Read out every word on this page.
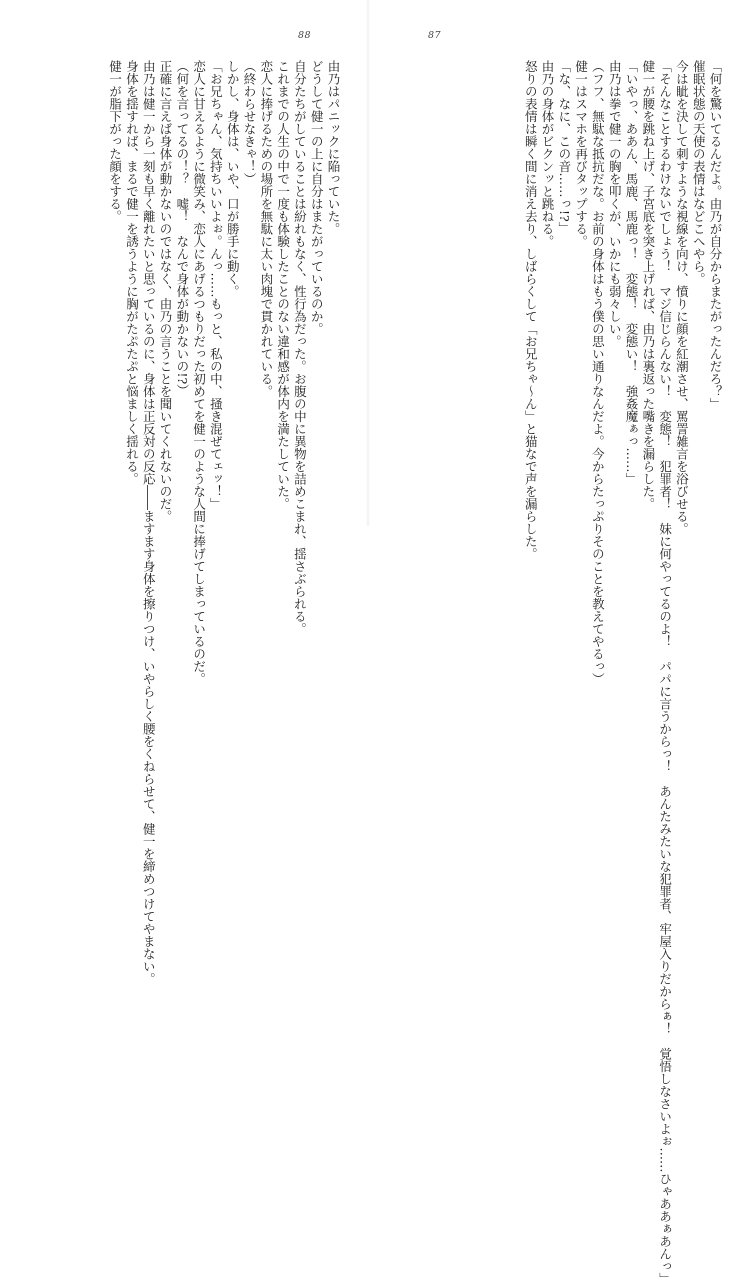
88
由乃はパニックに陥っていた。
どうして健一の上に自分はまたがっているのか。
自分たちがしていることは紛れもなく、性行為だった。お腹の中に異物を詰めこまれ、揺さぶられる。
これまでの人生の中で一度も体験したことのない違和感が体内を満たしていた。
恋人に捧げるための場所を無駄に太い肉塊で貫かれている。
（終わらせなきゃ！）
しかし、身体は、いや、口が勝手に動く。
「お兄ちゃん、気持ちいいよぉ。んっ……もっと、私の中、掻き混ぜてェッ！」
恋人に甘えるように微笑み、恋人にあげるつもりだった初めてを健一のような人間に捧げてしまっているのだ。
（何を言ってるの！？　嘘！　なんで身体が動かないの!?）
正確に言えば身体が動かないのではなく、由乃の言うことを聞いてくれないのだ。
由乃は健一から一刻も早く離れたいと思っているのに、身体は正反対の反応――ますます身体を擦りつけ、いやらしく腰をくねらせて、健一を締めつけてやまない。
身体を揺すれば、まるで健一を誘うように胸がたぷたぷと悩ましく揺れる。
健一が脂下がった顔をする。
87
「何を驚いてるんだよ。由乃が自分からまたがったんだろ？」
催眠状態の天使の表情はなどこへやら。
今は眦を決して刺すような視線を向け、憤りに顔を紅潮させ、罵詈雑言を浴びせる。
「そんなことするわけないでしょう！　マジ信じらんない！　変態！　犯罪者！　妹に何やってるのよ！　パパに言うからっ！　あんたみたいな犯罪者、牢屋入りだからぁ！　覚悟しなさいよぉ……ひゃああぁあんっ」
健一が腰を跳ね上げ、子宮底を突き上げれば、由乃は裏返った嘴きを漏らした。
「いやっ、ああん、馬鹿、馬鹿っ！　変態！　変態い！　強姦魔ぁっ……」
由乃は拳で健一の胸を叩くが、いかにも弱々しい。
（フフ、無駄な抵抗だな。お前の身体はもう僕の思い通りなんだよ。今からたっぷりそのことを教えてやるっ）
健一はスマホを再びタップする。
「な、なに、この音……っ!?」
由乃の身体がビクンッと跳ねる。
怒りの表情は瞬く間に消え去り、しばらくして「お兄ちゃ〜ん」と猫なで声を漏らした。
